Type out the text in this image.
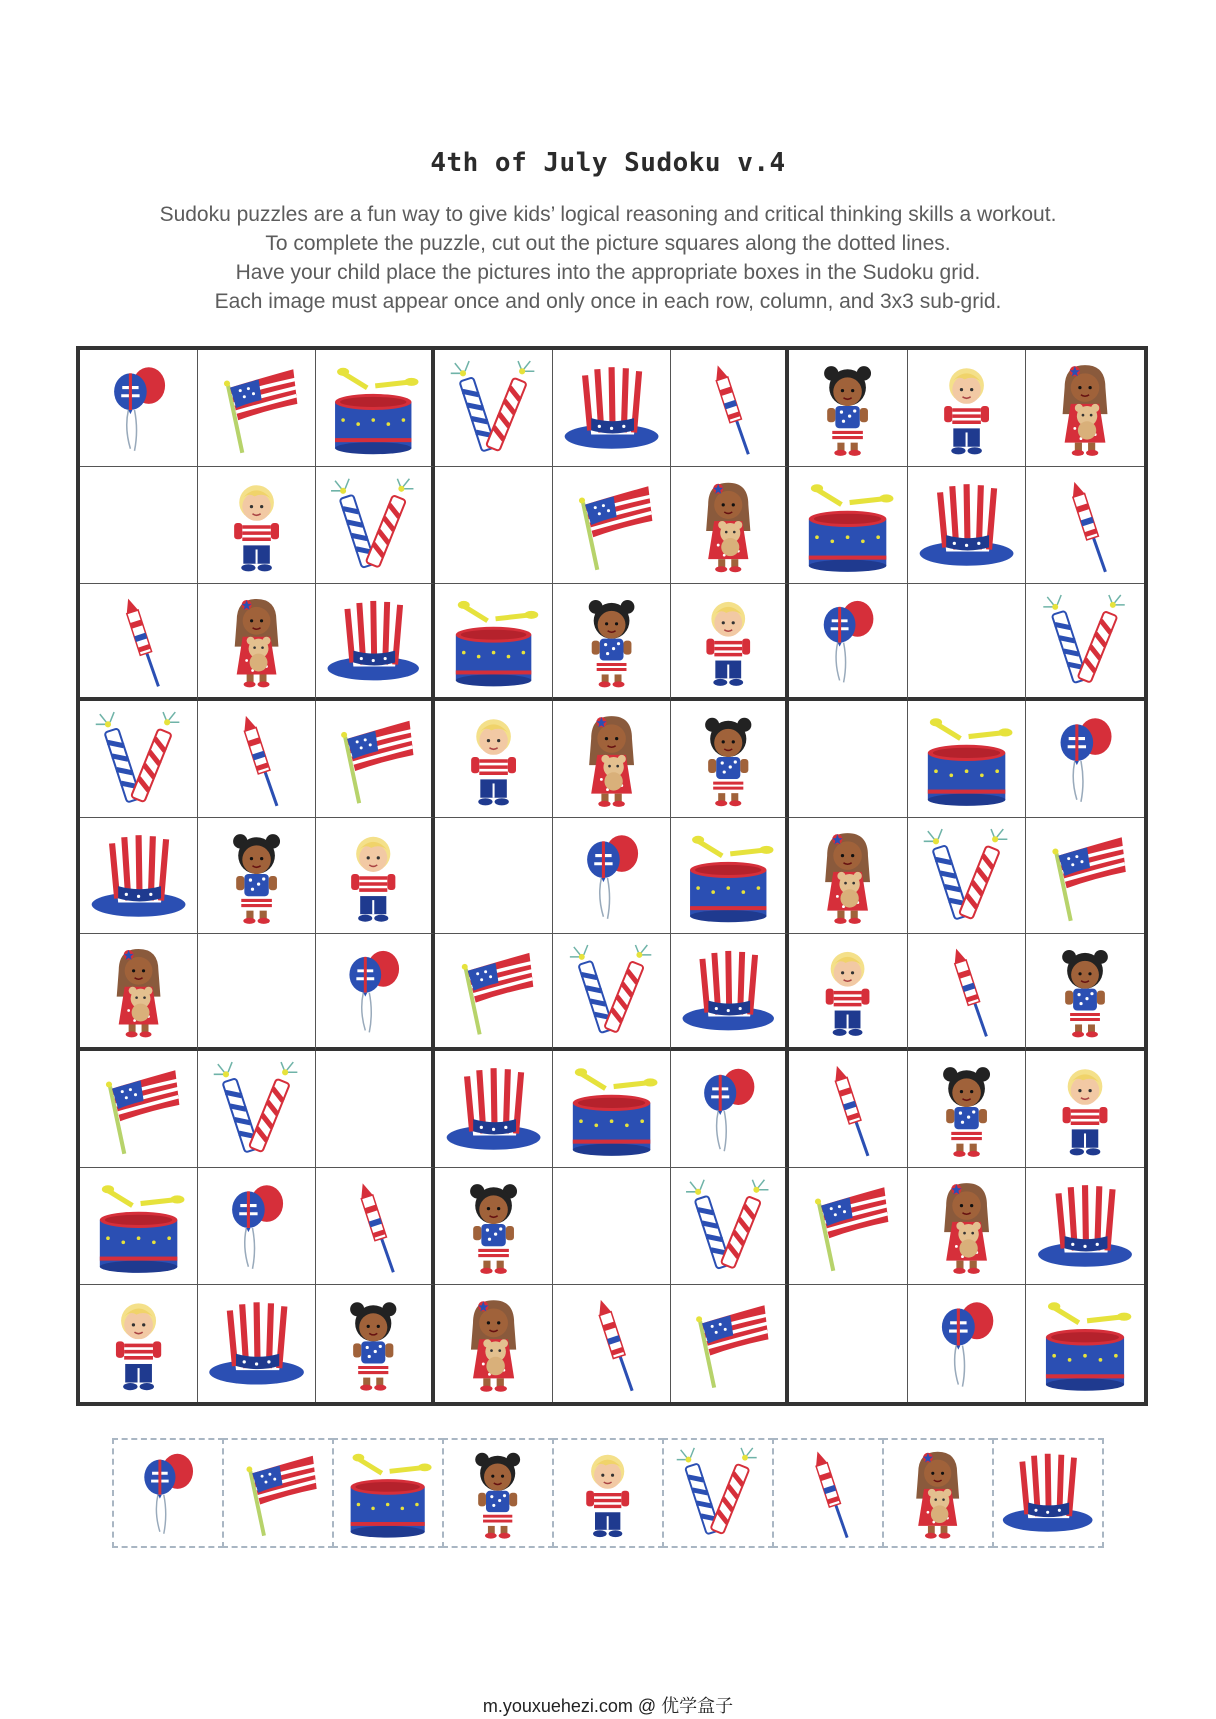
4th of July Sudoku v.4
Sudoku puzzles are a fun way to give kids’ logical reasoning and critical thinking skills a workout.
To complete the puzzle, cut out the picture squares along the dotted lines.
Have your child place the pictures into the appropriate boxes in the Sudoku grid.
Each image must appear once and only once in each row, column, and 3x3 sub-grid.
m.youxuehezi.com @ 优学盒子
